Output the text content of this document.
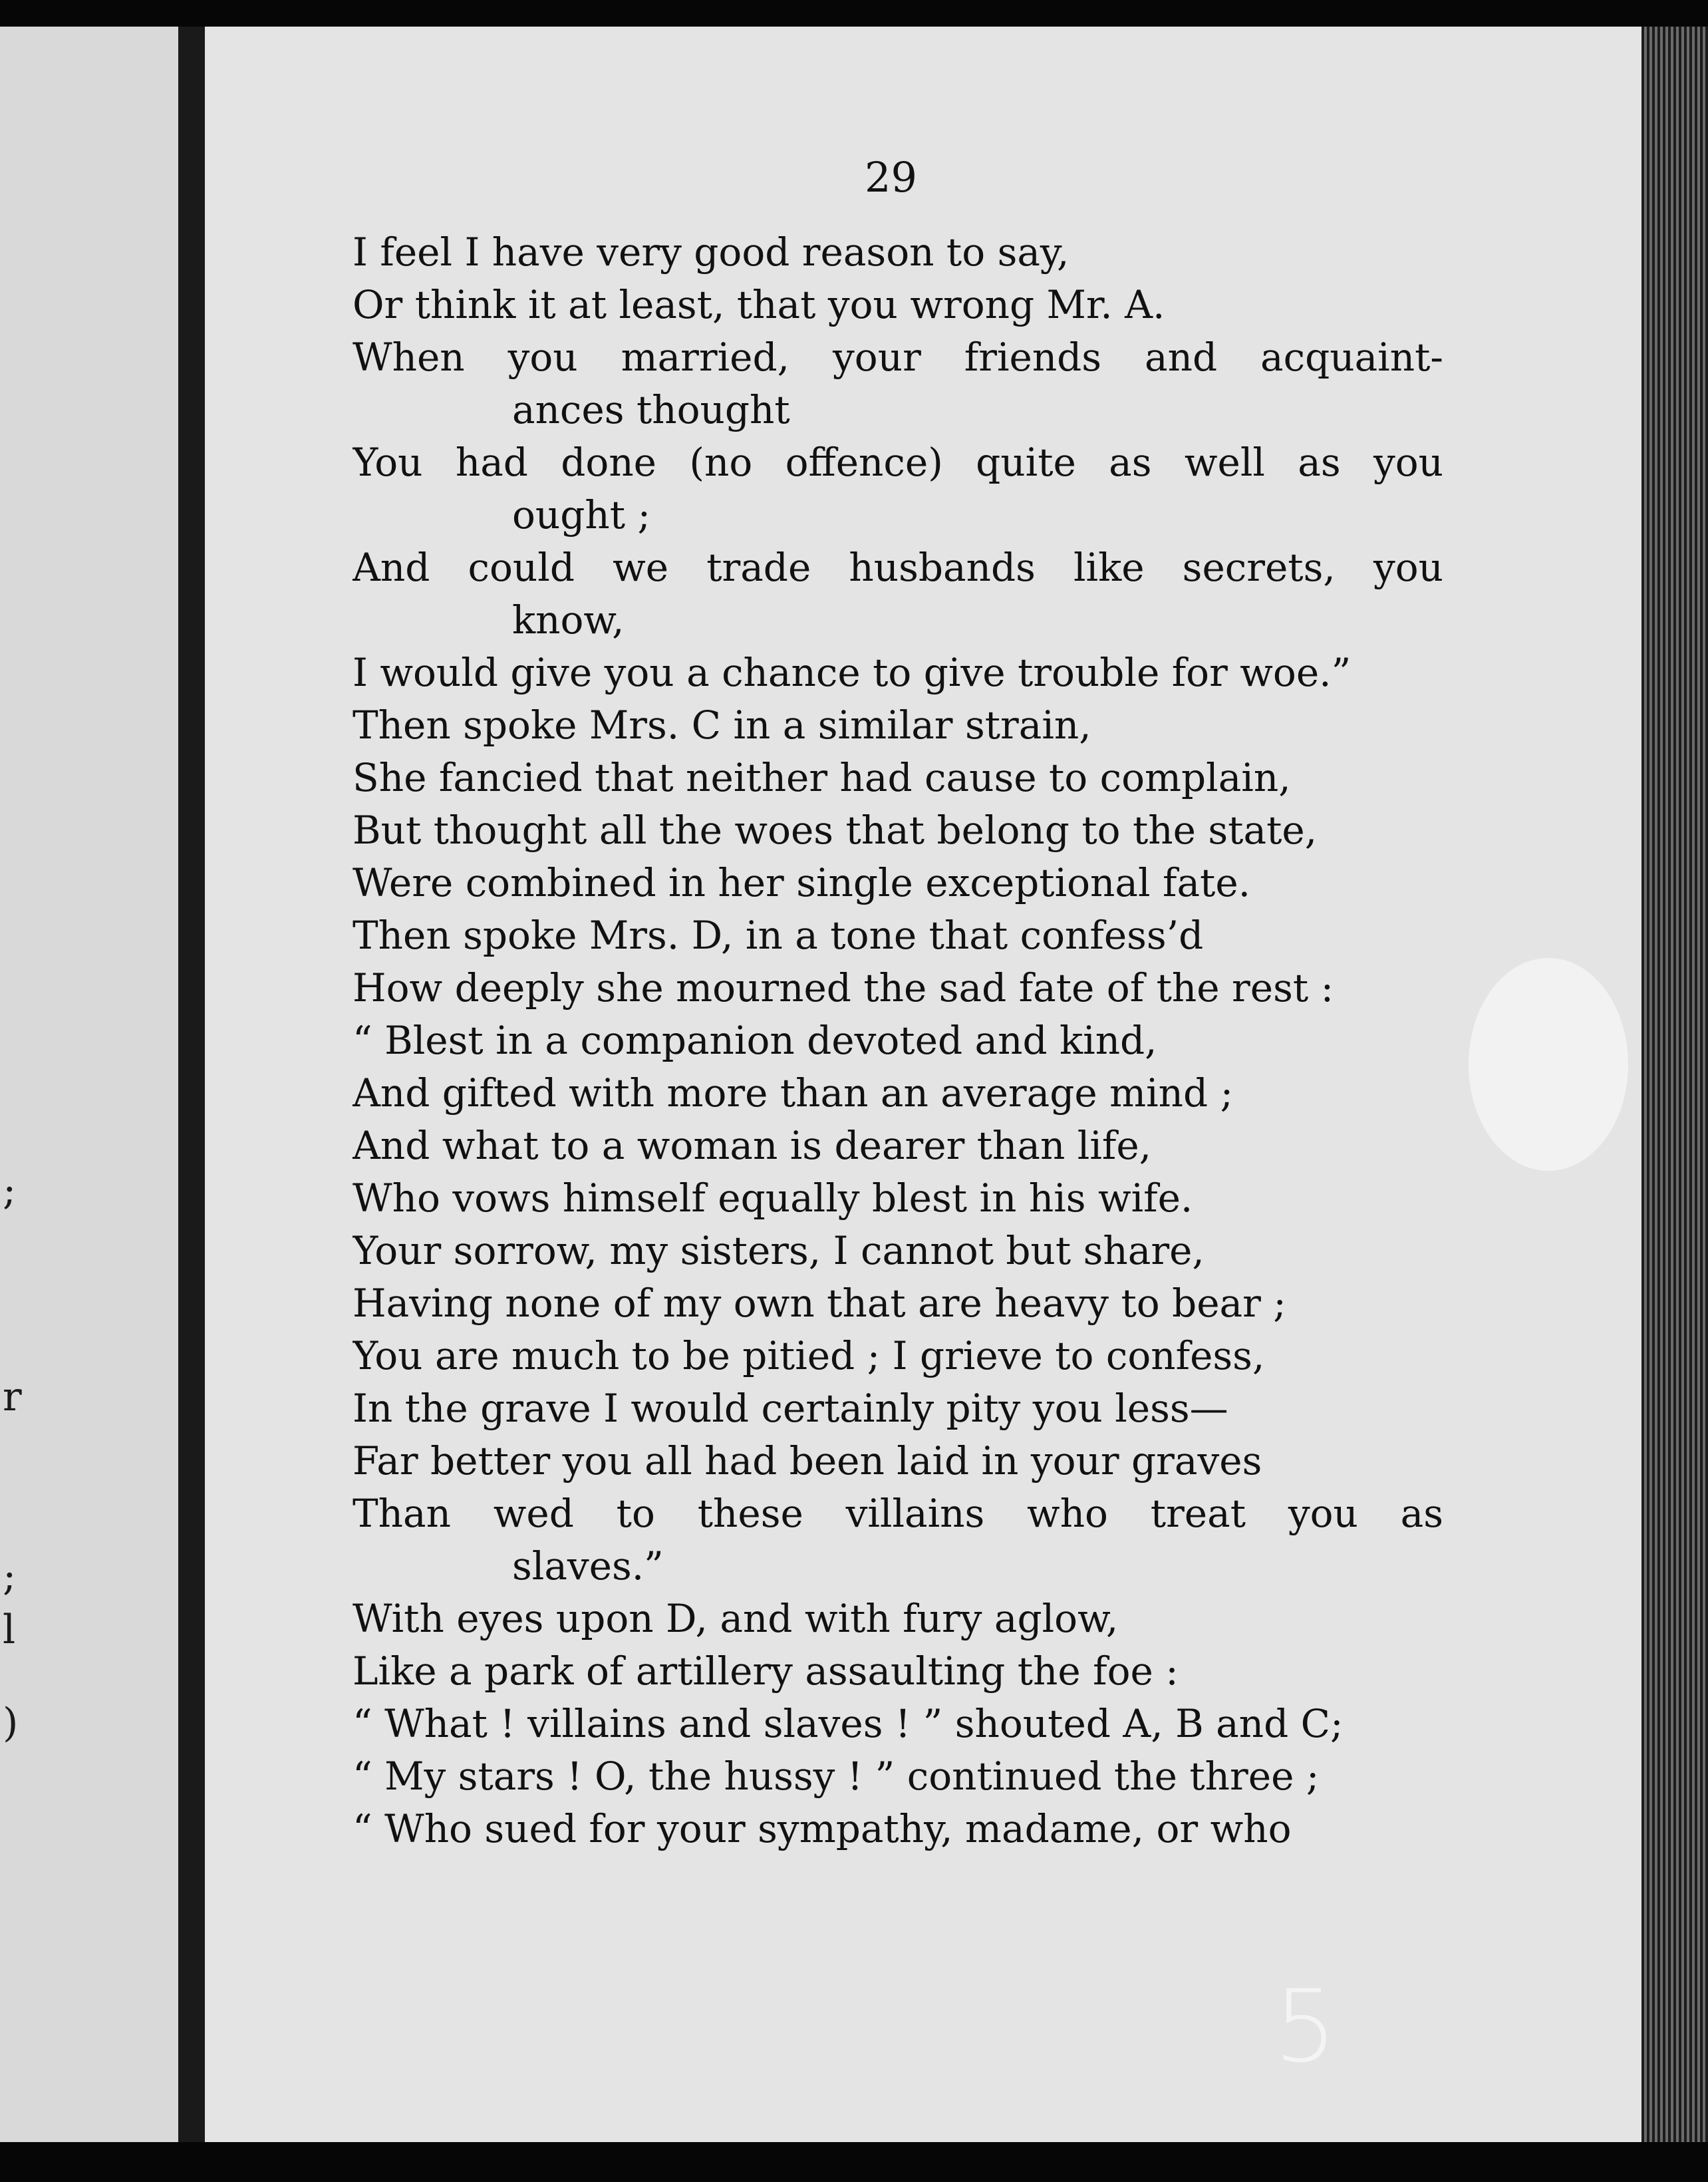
;
r
;
l
)
29
I feel I have very good reason to say,
Or think it at least, that you wrong Mr. A.
When you married, your friends and acquaint-
ances thought
You had done (no offence) quite as well as you
ought ;
And could we trade husbands like secrets, you
know,
I would give you a chance to give trouble for woe.”
Then spoke Mrs. C in a similar strain,
She fancied that neither had cause to complain,
But thought all the woes that belong to the state,
Were combined in her single exceptional fate.
Then spoke Mrs. D, in a tone that confess’d
How deeply she mourned the sad fate of the rest :
“ Blest in a companion devoted and kind,
And gifted with more than an average mind ;
And what to a woman is dearer than life,
Who vows himself equally blest in his wife.
Your sorrow, my sisters, I cannot but share,
Having none of my own that are heavy to bear ;
You are much to be pitied ; I grieve to confess,
In the grave I would certainly pity you less—
Far better you all had been laid in your graves
Than wed to these villains who treat you as
slaves.”
With eyes upon D, and with fury aglow,
Like a park of artillery assaulting the foe :
“ What ! villains and slaves ! ” shouted A, B and C;
“ My stars ! O, the hussy ! ” continued the three ;
“ Who sued for your sympathy, madame, or who
5
